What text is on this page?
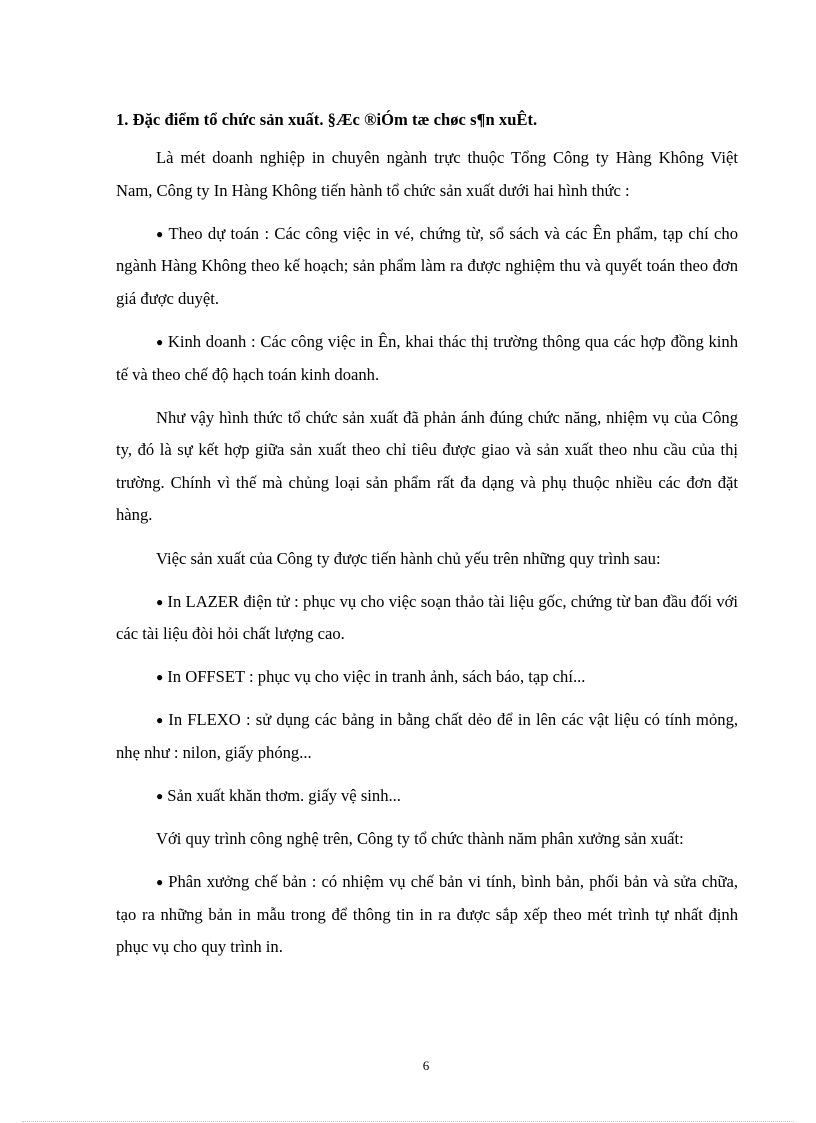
1. Đặc điểm tổ chức sản xuất. §Æc ®iÓm tæ chøc s¶n xuÊt.

Là mét doanh nghiệp in chuyên ngành trực thuộc Tổng Công ty Hàng Không Việt Nam, Công ty In Hàng Không tiến hành tổ chức sản xuất dưới hai hình thức :

● Theo dự toán : Các công việc in vé, chứng từ, sổ sách và các Ên phẩm, tạp chí cho ngành Hàng Không theo kế hoạch; sản phẩm làm ra được nghiệm thu và quyết toán theo đơn giá được duyệt.

● Kinh doanh : Các công việc in Ên, khai thác thị trường thông qua các hợp đồng kinh tế và theo chế độ hạch toán kinh doanh.

Như vậy hình thức tổ chức sản xuất đã phản ánh đúng chức năng, nhiệm vụ của Công ty, đó là sự kết hợp giữa sản xuất theo chỉ tiêu được giao và sản xuất theo nhu cầu của thị trường. Chính vì thế mà chủng loại sản phẩm rất đa dạng và phụ thuộc nhiều các đơn đặt hàng.

Việc sản xuất của Công ty được tiến hành chủ yếu trên những quy trình sau:

● In LAZER điện tử : phục vụ cho việc soạn thảo tài liệu gốc, chứng từ ban đầu đối với các tài liệu đòi hỏi chất lượng cao.

● In OFFSET : phục vụ cho việc in tranh ảnh, sách báo, tạp chí...

● In FLEXO : sử dụng các bảng in bằng chất dẻo để in lên các vật liệu có tính mỏng, nhẹ như : nilon, giấy phóng...

● Sản xuất khăn thơm. giấy vệ sinh...

Với quy trình công nghệ trên, Công ty tổ chức thành năm phân xưởng sản xuất:

● Phân xưởng chế bản : có nhiệm vụ chế bản vi tính, bình bản, phối bản và sửa chữa, tạo ra những bản in mẫu trong để thông tin in ra được sắp xếp theo mét trình tự nhất định phục vụ cho quy trình in.

6
